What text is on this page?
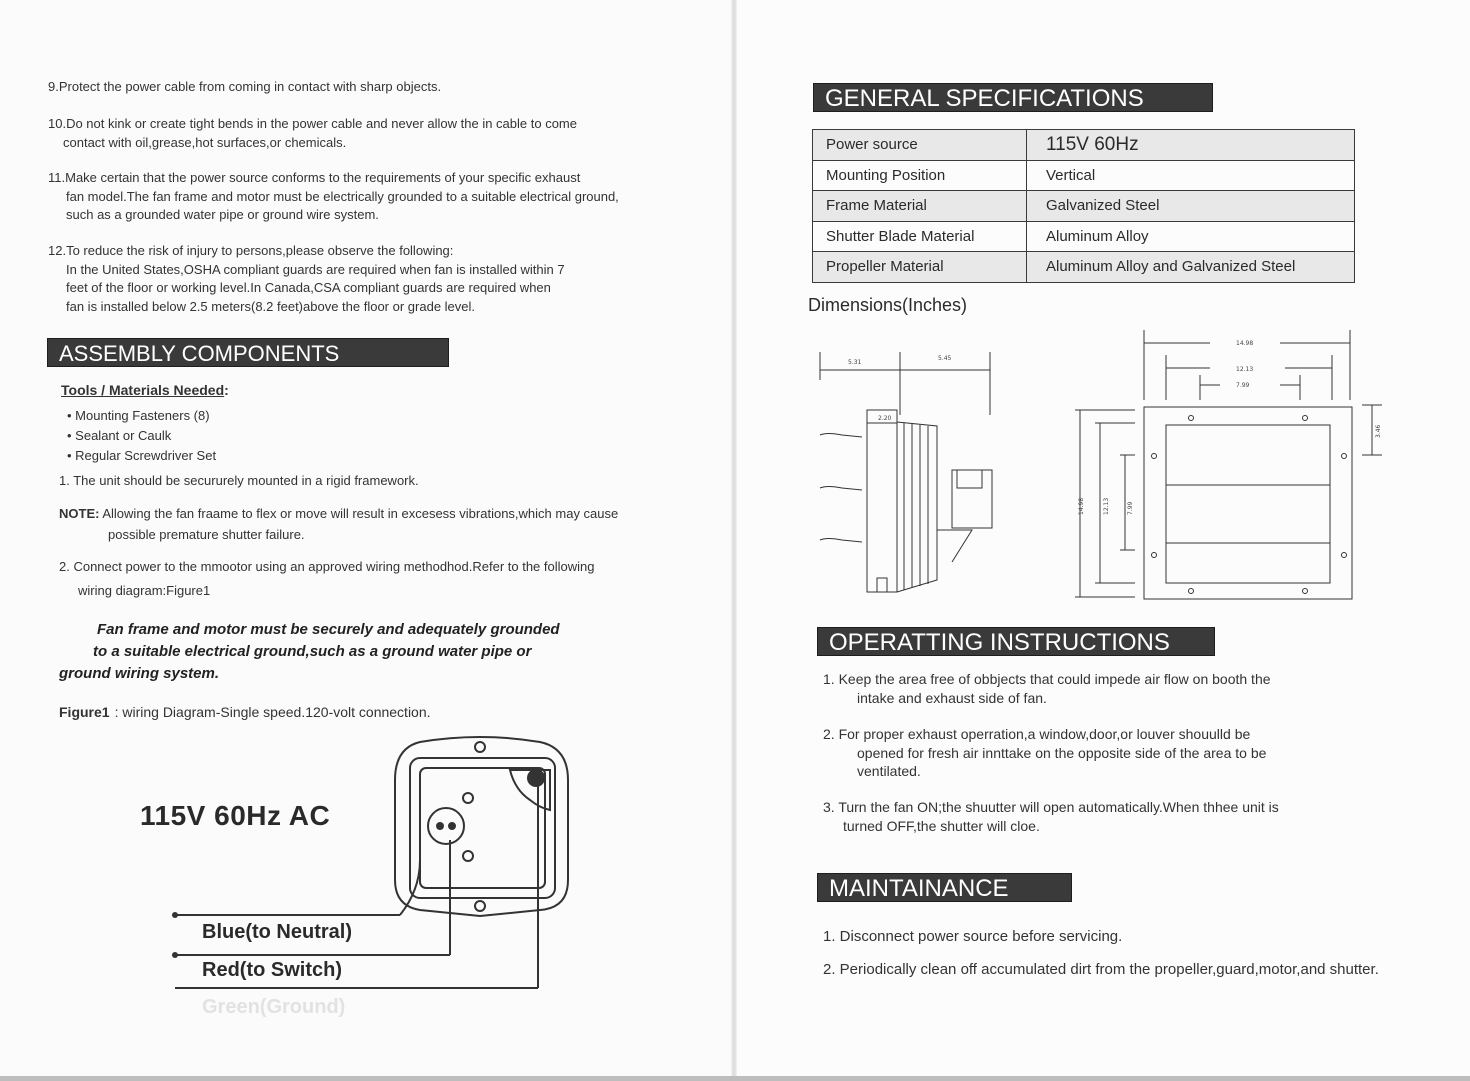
9.Protect the power cable from coming in contact with sharp objects.
10.Do not kink or create tight bends in the power cable and never allow the in cable to come
contact with oil,grease,hot surfaces,or chemicals.
11.Make certain that the power source conforms to the requirements of your specific exhaust
fan model.The fan frame and motor must be electrically grounded to a suitable electrical ground,
such as a grounded water pipe or ground wire system.
12.To reduce the risk of injury to persons,please observe the following:
In the United States,OSHA compliant guards are required when fan is installed within 7
feet of the floor or working level.In Canada,CSA compliant guards are required when
fan is installed below 2.5 meters(8.2 feet)above the floor or grade level.
ASSEMBLY COMPONENTS
Tools / Materials Needed:
• Mounting Fasteners (8)
• Sealant or Caulk
• Regular Screwdriver Set
1. The unit should be secururely mounted in a rigid framework.
NOTE: Allowing the fan fraame to flex or move will result in excesess vibrations,which may cause
possible premature shutter failure.
2. Connect power to the mmootor using an approved wiring methodhod.Refer to the following
wiring diagram:Figure1
Fan frame and motor must be securely and adequately grounded
to a suitable electrical ground,such as a ground water pipe or
ground wiring system.
Figure1 : wiring Diagram-Single speed.120-volt connection.
115V 60Hz AC
Blue(to Neutral)
Red(to Switch)
Green(Ground)
GENERAL SPECIFICATIONS
Power source	115V 60Hz
Mounting Position	Vertical
Frame Material	Galvanized Steel
Shutter Blade Material	Aluminum Alloy
Propeller Material	Aluminum Alloy and Galvanized Steel
Dimensions(Inches)
5.31
5.45
2.20
14.98
12.13
7.99
14.98	12.13	7.99
3.46
OPERATTING INSTRUCTIONS
1. Keep the area free of obbjects that could impede air flow on booth the
intake and exhaust side of fan.
2. For proper exhaust operration,a window,door,or louver shouulld be
opened for fresh air innttake on the opposite side of the area to be
ventilated.
3. Turn the fan ON;the shuutter will open automatically.When thhee unit is
turned OFF,the shutter will cloe.
MAINTAINANCE
1. Disconnect power source before servicing.
2. Periodically clean off accumulated dirt from the propeller,guard,motor,and shutter.
